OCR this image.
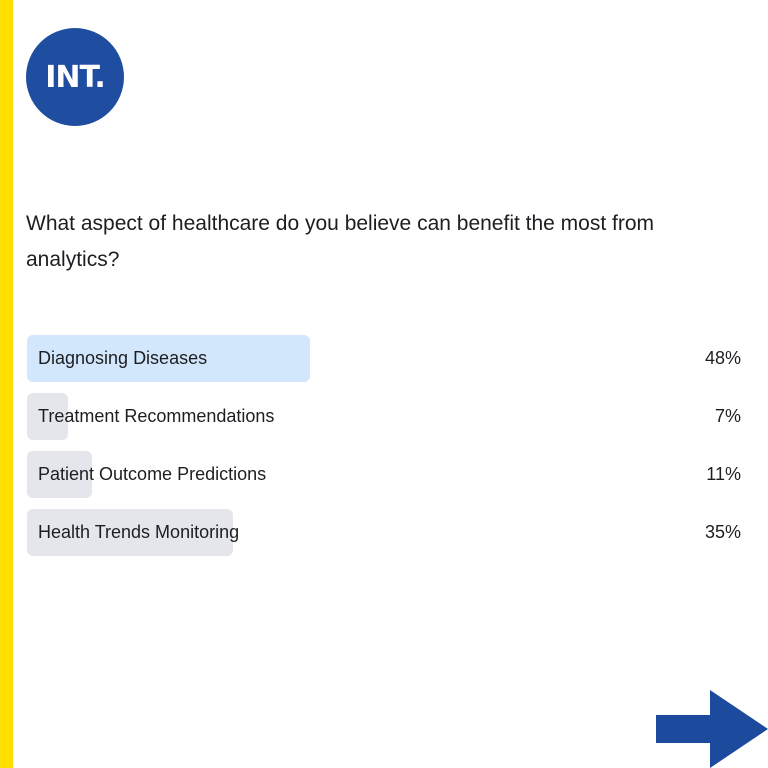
INT.
What aspect of healthcare do you believe can benefit the most from analytics?
Diagnosing Diseases	48%
Treatment Recommendations	7%
Patient Outcome Predictions	11%
Health Trends Monitoring	35%
